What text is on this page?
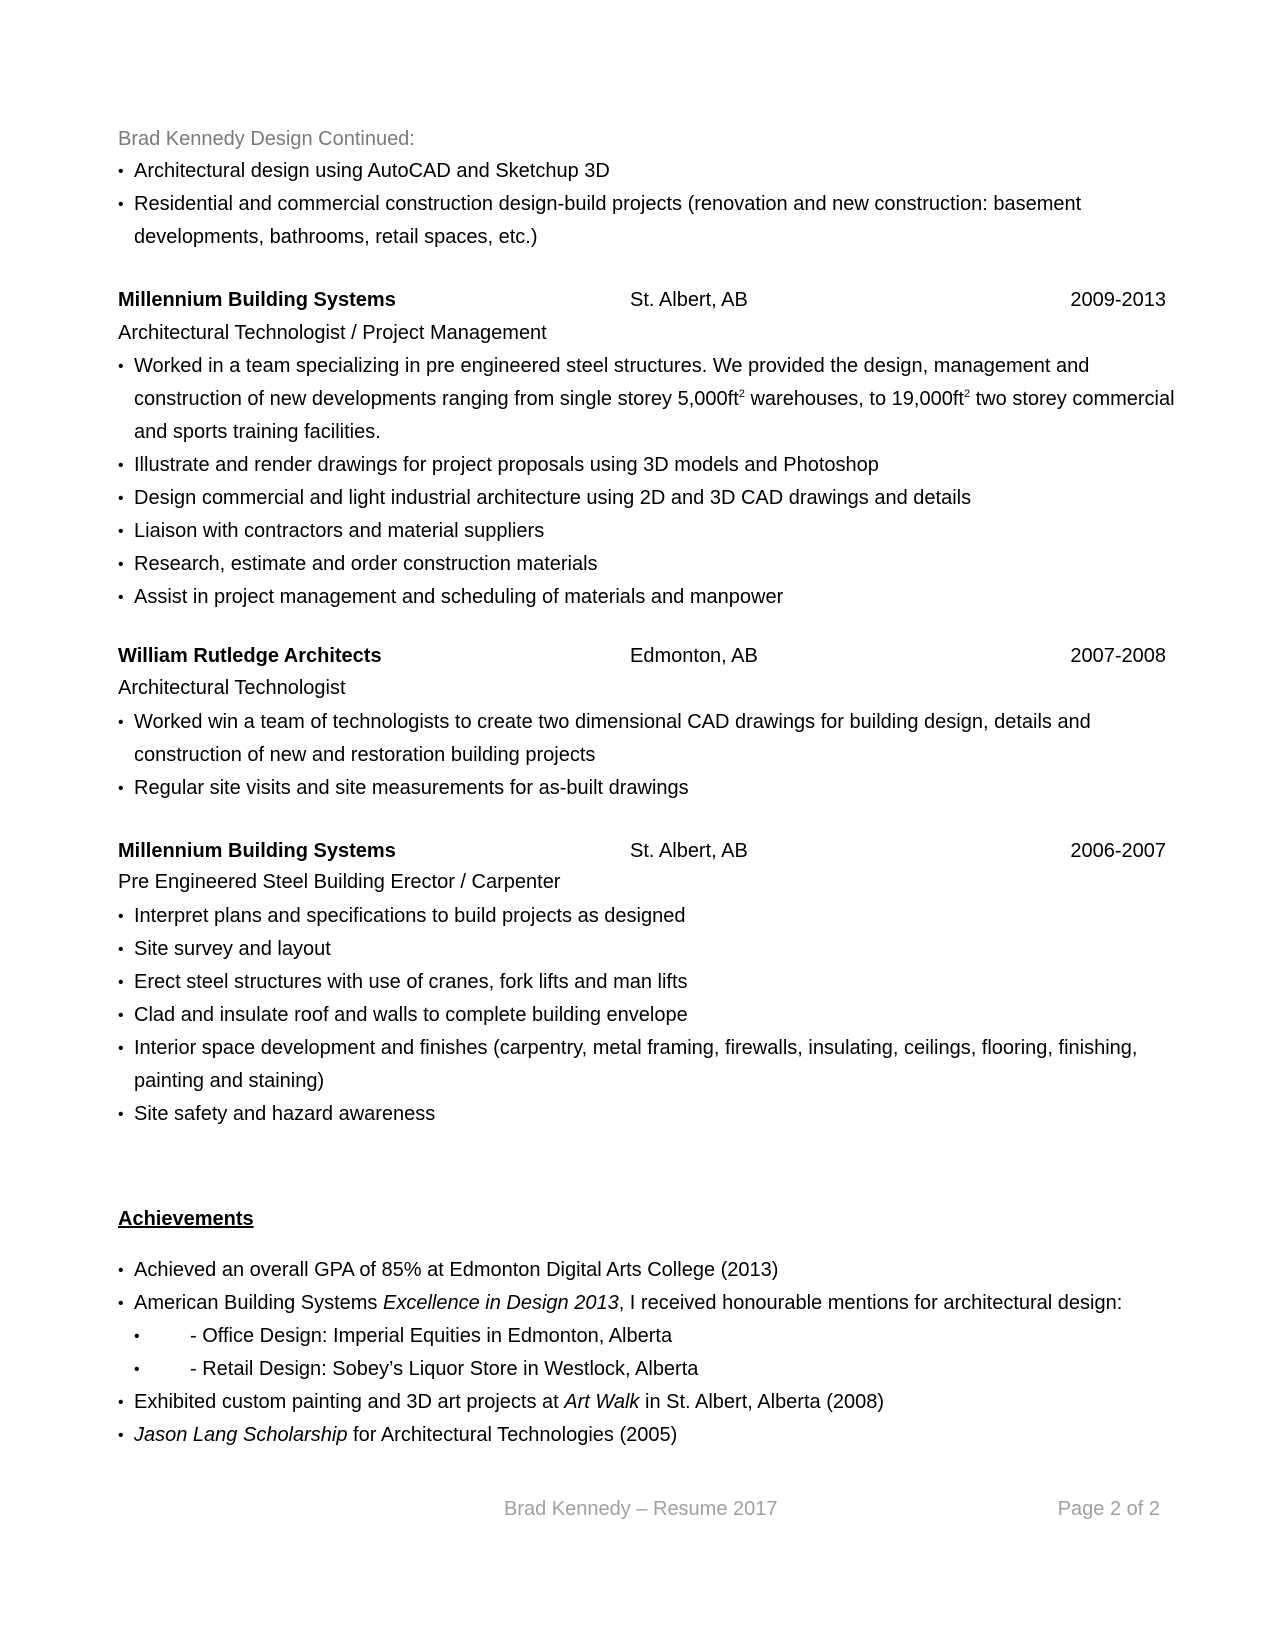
Brad Kennedy Design Continued:
• Architectural design using AutoCAD and Sketchup 3D
• Residential and commercial construction design-build projects (renovation and new construction: basement developments, bathrooms, retail spaces, etc.)
Millennium Building Systems	St. Albert, AB	2009-2013
Architectural Technologist / Project Management
• Worked in a team specializing in pre engineered steel structures. We provided the design, management and construction of new developments ranging from single storey $5,000ft^2$ warehouses, to $19,000ft^2$ two storey commercial and sports training facilities.
• Illustrate and render drawings for project proposals using 3D models and Photoshop
• Design commercial and light industrial architecture using 2D and 3D CAD drawings and details
• Liaison with contractors and material suppliers
• Research, estimate and order construction materials
• Assist in project management and scheduling of materials and manpower
William Rutledge Architects	Edmonton, AB	2007-2008
Architectural Technologist
• Worked win a team of technologists to create two dimensional CAD drawings for building design, details and construction of new and restoration building projects
• Regular site visits and site measurements for as-built drawings
Millennium Building Systems	St. Albert, AB	2006-2007
Pre Engineered Steel Building Erector / Carpenter
• Interpret plans and specifications to build projects as designed
• Site survey and layout
• Erect steel structures with use of cranes, fork lifts and man lifts
• Clad and insulate roof and walls to complete building envelope
• Interior space development and finishes (carpentry, metal framing, firewalls, insulating, ceilings, flooring, finishing, painting and staining)
• Site safety and hazard awareness
Achievements
• Achieved an overall GPA of 85% at Edmonton Digital Arts College (2013)
• American Building Systems Excellence in Design 2013, I received honourable mentions for architectural design:
• - Office Design: Imperial Equities in Edmonton, Alberta
• - Retail Design: Sobey’s Liquor Store in Westlock, Alberta
• Exhibited custom painting and 3D art projects at Art Walk in St. Albert, Alberta (2008)
• Jason Lang Scholarship for Architectural Technologies (2005)
Brad Kennedy – Resume 2017	Page 2 of 2
